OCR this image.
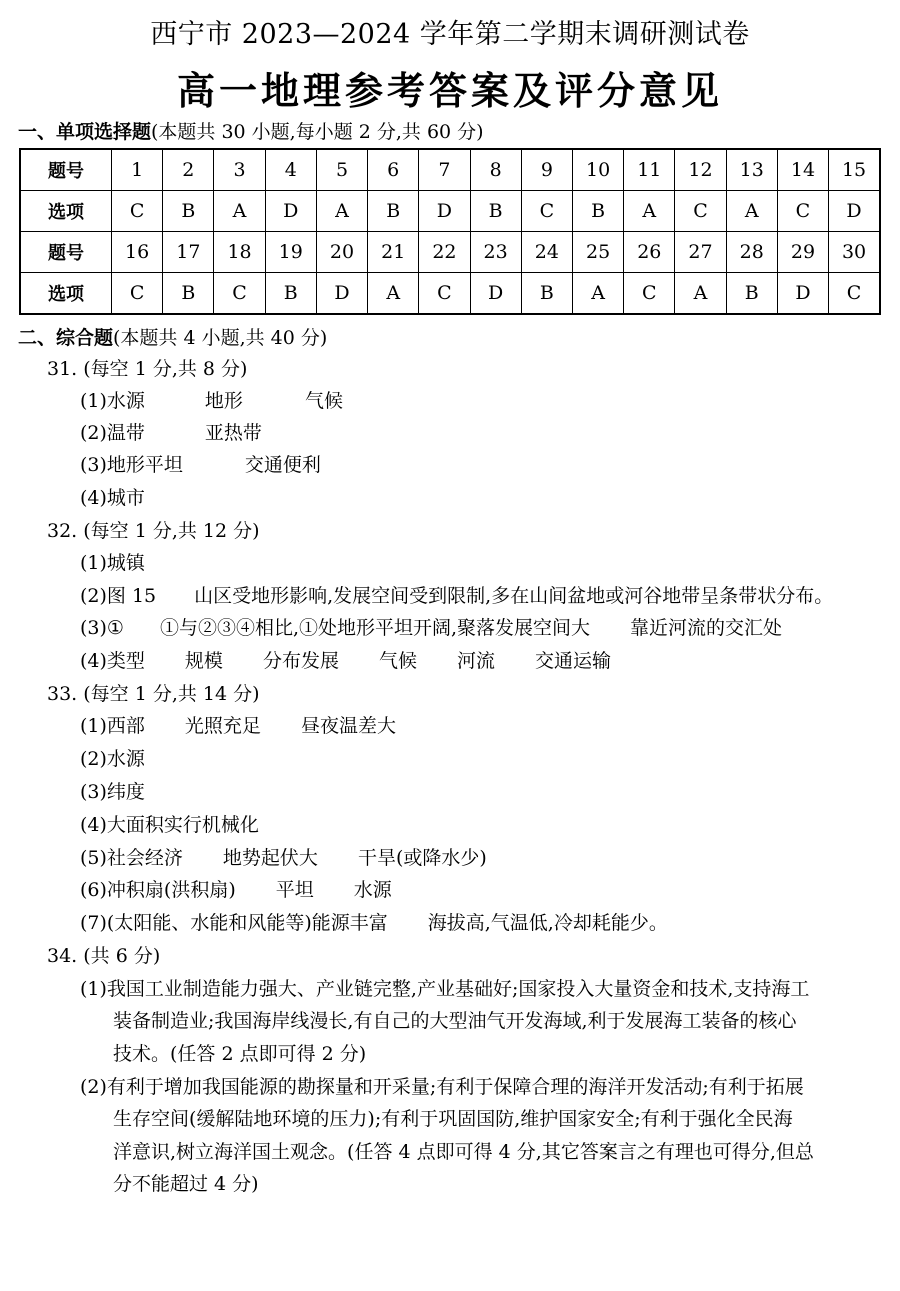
西宁市 2023—2024 学年第二学期末调研测试卷
高一地理参考答案及评分意见
一、单项选择题(本题共 30 小题,每小题 2 分,共 60 分)
题号	1	2	3	4	5	6	7	8	9	10	11	12	13	14	15
选项	C	B	A	D	A	B	D	B	C	B	A	C	A	C	D
题号	16	17	18	19	20	21	22	23	24	25	26	27	28	29	30
选项	C	B	C	B	D	A	C	D	B	A	C	A	B	D	C
二、综合题(本题共 4 小题,共 40 分)
31. (每空 1 分,共 8 分)
(1)水源	地形	气候
(2)温带	亚热带
(3)地形平坦	交通便利
(4)城市
32. (每空 1 分,共 12 分)
(1)城镇
(2)图 15 山区受地形影响,发展空间受到限制,多在山间盆地或河谷地带呈条带状分布。
(3)① ①与②③④相比,①处地形平坦开阔,聚落发展空间大 靠近河流的交汇处
(4)类型 规模 分布发展 气候 河流 交通运输
33. (每空 1 分,共 14 分)
(1)西部 光照充足 昼夜温差大
(2)水源
(3)纬度
(4)大面积实行机械化
(5)社会经济 地势起伏大 干旱(或降水少)
(6)冲积扇(洪积扇) 平坦 水源
(7)(太阳能、水能和风能等)能源丰富 海拔高,气温低,冷却耗能少。
34. (共 6 分)
(1)我国工业制造能力强大、产业链完整,产业基础好;国家投入大量资金和技术,支持海工
装备制造业;我国海岸线漫长,有自己的大型油气开发海域,利于发展海工装备的核心
技术。(任答 2 点即可得 2 分)
(2)有利于增加我国能源的勘探量和开采量;有利于保障合理的海洋开发活动;有利于拓展
生存空间(缓解陆地环境的压力);有利于巩固国防,维护国家安全;有利于强化全民海
洋意识,树立海洋国土观念。(任答 4 点即可得 4 分,其它答案言之有理也可得分,但总
分不能超过 4 分)
